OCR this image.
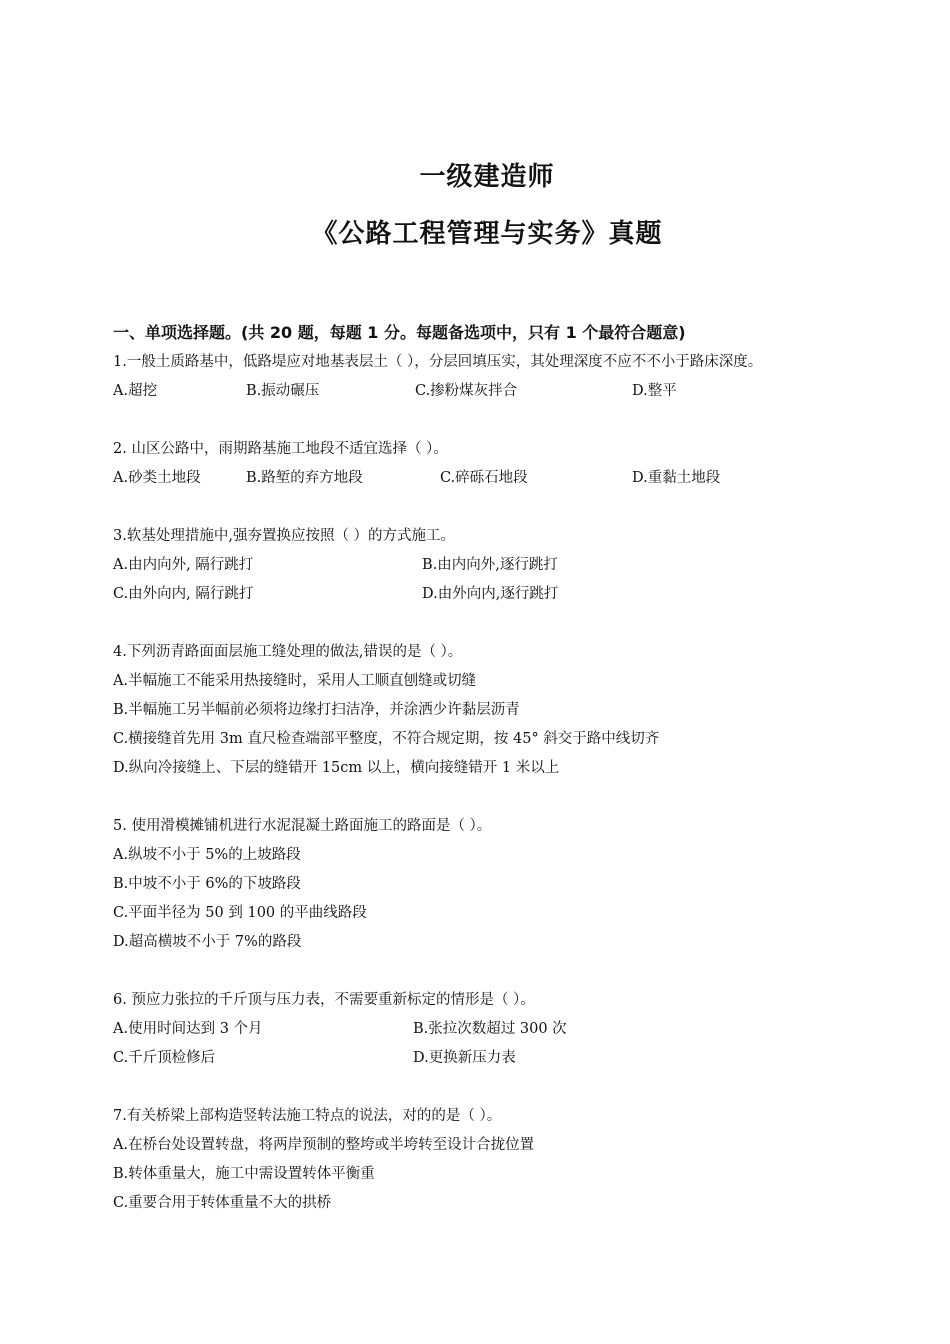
一级建造师
《公路工程管理与实务》真题
一、单项选择题。(共 20 题，每题 1 分。每题备选项中，只有 1 个最符合题意)
1.一般土质路基中，低路堤应对地基表层土（ ），分层回填压实，其处理深度不应不不小于路床深度。
A.超挖	B.振动碾压	C.掺粉煤灰拌合	D.整平
2. 山区公路中，雨期路基施工地段不适宜选择（ ）。
A.砂类土地段	B.路堑的弃方地段	C.碎砾石地段	D.重黏土地段
3.软基处理措施中,强夯置换应按照（ ）的方式施工。
A.由内向外, 隔行跳打	B.由内向外,逐行跳打
C.由外向内, 隔行跳打	D.由外向内,逐行跳打
4.下列沥青路面面层施工缝处理的做法,错误的是（ ）。
A.半幅施工不能采用热接缝时，采用人工顺直刨缝或切缝
B.半幅施工另半幅前必须将边缘打扫洁净，并涂洒少许黏层沥青
C.横接缝首先用 3m 直尺检查端部平整度，不符合规定期，按 45° 斜交于路中线切齐
D.纵向冷接缝上、下层的缝错开 15cm 以上，横向接缝错开 1 米以上
5. 使用滑模摊铺机进行水泥混凝土路面施工的路面是（ ）。
A.纵坡不小于 5%的上坡路段
B.中坡不小于 6%的下坡路段
C.平面半径为 50 到 100 的平曲线路段
D.超高横坡不小于 7%的路段
6. 预应力张拉的千斤顶与压力表，不需要重新标定的情形是（ ）。
A.使用时间达到 3 个月	B.张拉次数超过 300 次
C.千斤顶检修后	D.更换新压力表
7.有关桥梁上部构造竖转法施工特点的说法，对的的是（ ）。
A.在桥台处设置转盘，将两岸预制的整垮或半垮转至设计合拢位置
B.转体重量大，施工中需设置转体平衡重
C.重要合用于转体重量不大的拱桥
